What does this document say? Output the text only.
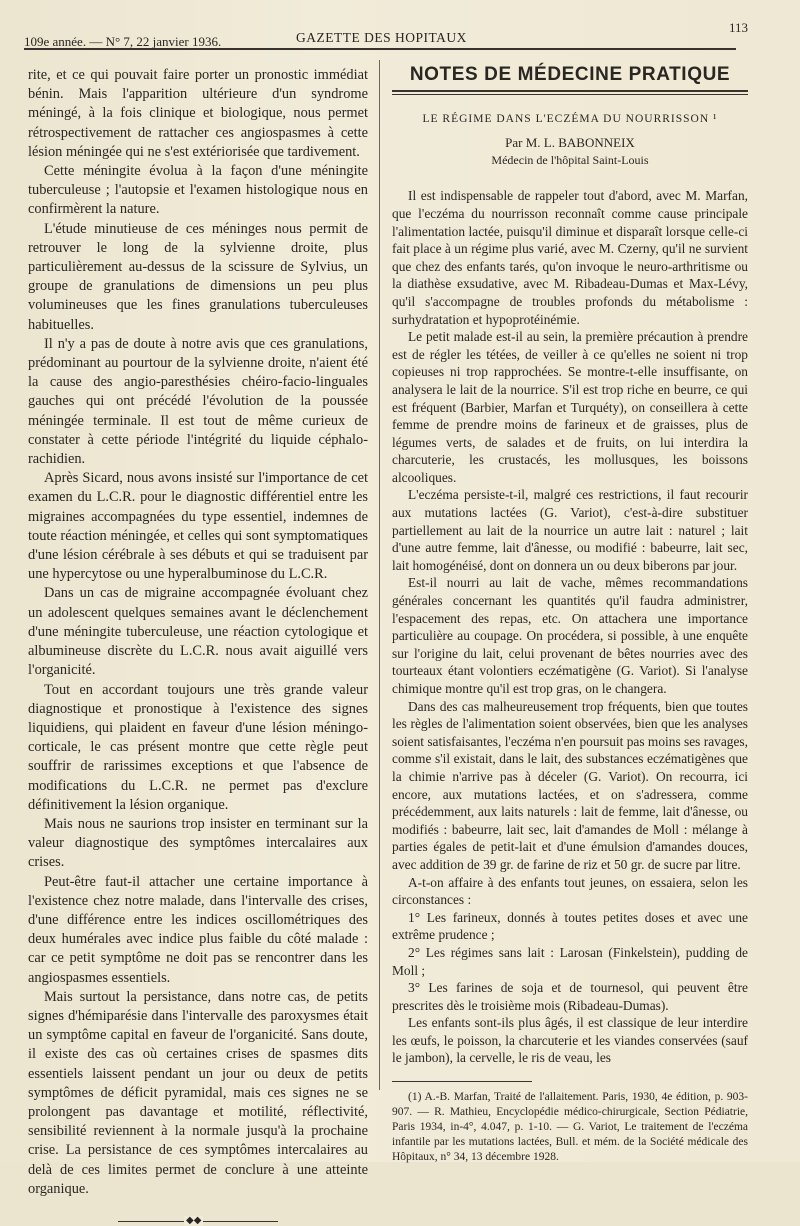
109e année. — N° 7, 22 janvier 1936.	GAZETTE DES HOPITAUX
113

rite, et ce qui pouvait faire porter un pronostic immédiat bénin. Mais l'apparition ultérieure d'un syndrome méningé, à la fois clinique et biologique, nous permet rétrospectivement de rattacher ces angiospasmes à cette lésion méningée qui ne s'est extériorisée que tardivement.

Cette méningite évolua à la façon d'une méningite tuberculeuse ; l'autopsie et l'examen histologique nous en confirmèrent la nature.

L'étude minutieuse de ces méninges nous permit de retrouver le long de la sylvienne droite, plus particulièrement au-dessus de la scissure de Sylvius, un groupe de granulations de dimensions un peu plus volumineuses que les fines granulations tuberculeuses habituelles.

Il n'y a pas de doute à notre avis que ces granulations, prédominant au pourtour de la sylvienne droite, n'aient été la cause des angio-paresthésies chéiro-facio-linguales gauches qui ont précédé l'évolution de la poussée méningée terminale. Il est tout de même curieux de constater à cette période l'intégrité du liquide céphalo-rachidien.

Après Sicard, nous avons insisté sur l'importance de cet examen du L.C.R. pour le diagnostic différentiel entre les migraines accompagnées du type essentiel, indemnes de toute réaction méningée, et celles qui sont symptomatiques d'une lésion cérébrale à ses débuts et qui se traduisent par une hypercytose ou une hyperalbuminose du L.C.R.

Dans un cas de migraine accompagnée évoluant chez un adolescent quelques semaines avant le déclenchement d'une méningite tuberculeuse, une réaction cytologique et albumineuse discrète du L.C.R. nous avait aiguillé vers l'organicité.

Tout en accordant toujours une très grande valeur diagnostique et pronostique à l'existence des signes liquidiens, qui plaident en faveur d'une lésion méningo-corticale, le cas présent montre que cette règle peut souffrir de rarissimes exceptions et que l'absence de modifications du L.C.R. ne permet pas d'exclure définitivement la lésion organique.

Mais nous ne saurions trop insister en terminant sur la valeur diagnostique des symptômes intercalaires aux crises.

Peut-être faut-il attacher une certaine importance à l'existence chez notre malade, dans l'intervalle des crises, d'une différence entre les indices oscillométriques des deux humérales avec indice plus faible du côté malade : car ce petit symptôme ne doit pas se rencontrer dans les angiospasmes essentiels.

Mais surtout la persistance, dans notre cas, de petits signes d'hémiparésie dans l'intervalle des paroxysmes était un symptôme capital en faveur de l'organicité. Sans doute, il existe des cas où certaines crises de spasmes dits essentiels laissent pendant un jour ou deux de petits symptômes de déficit pyramidal, mais ces signes ne se prolongent pas davantage et motilité, réflectivité, sensibilité reviennent à la normale jusqu'à la prochaine crise. La persistance de ces symptômes intercalaires au delà de ces limites permet de conclure à une atteinte organique.

◆◆

NOTES DE MÉDECINE PRATIQUE

LE RÉGIME DANS L'ECZÉMA DU NOURRISSON ¹

Par M. L. BABONNEIX

Médecin de l'hôpital Saint-Louis

Il est indispensable de rappeler tout d'abord, avec M. Marfan, que l'eczéma du nourrisson reconnaît comme cause principale l'alimentation lactée, puisqu'il diminue et disparaît lorsque celle-ci fait place à un régime plus varié, avec M. Czerny, qu'il ne survient que chez des enfants tarés, qu'on invoque le neuro-arthritisme ou la diathèse exsudative, avec M. Ribadeau-Dumas et Max-Lévy, qu'il s'accompagne de troubles profonds du métabolisme : surhydratation et hypoprotéinémie.

Le petit malade est-il au sein, la première précaution à prendre est de régler les tétées, de veiller à ce qu'elles ne soient ni trop copieuses ni trop rapprochées. Se montre-t-elle insuffisante, on analysera le lait de la nourrice. S'il est trop riche en beurre, ce qui est fréquent (Barbier, Marfan et Turquéty), on conseillera à cette femme de prendre moins de farineux et de graisses, plus de légumes verts, de salades et de fruits, on lui interdira la charcuterie, les crustacés, les mollusques, les boissons alcooliques.

L'eczéma persiste-t-il, malgré ces restrictions, il faut recourir aux mutations lactées (G. Variot), c'est-à-dire substituer partiellement au lait de la nourrice un autre lait : naturel ; lait d'une autre femme, lait d'ânesse, ou modifié : babeurre, lait sec, lait homogénéisé, dont on donnera un ou deux biberons par jour.

Est-il nourri au lait de vache, mêmes recommandations générales concernant les quantités qu'il faudra administrer, l'espacement des repas, etc. On attachera une importance particulière au coupage. On procédera, si possible, à une enquête sur l'origine du lait, celui provenant de bêtes nourries avec des tourteaux étant volontiers eczématigène (G. Variot). Si l'analyse chimique montre qu'il est trop gras, on le changera.

Dans des cas malheureusement trop fréquents, bien que toutes les règles de l'alimentation soient observées, bien que les analyses soient satisfaisantes, l'eczéma n'en poursuit pas moins ses ravages, comme s'il existait, dans le lait, des substances eczématigènes que la chimie n'arrive pas à déceler (G. Variot). On recourra, ici encore, aux mutations lactées, et on s'adressera, comme précédemment, aux laits naturels : lait de femme, lait d'ânesse, ou modifiés : babeurre, lait sec, lait d'amandes de Moll : mélange à parties égales de petit-lait et d'une émulsion d'amandes douces, avec addition de 39 gr. de farine de riz et 50 gr. de sucre par litre.

A-t-on affaire à des enfants tout jeunes, on essaiera, selon les circonstances :

1° Les farineux, donnés à toutes petites doses et avec une extrême prudence ;

2° Les régimes sans lait : Larosan (Finkelstein), pudding de Moll ;

3° Les farines de soja et de tournesol, qui peuvent être prescrites dès le troisième mois (Ribadeau-Dumas).

Les enfants sont-ils plus âgés, il est classique de leur interdire les œufs, le poisson, la charcuterie et les viandes conservées (sauf le jambon), la cervelle, le ris de veau, les

(1) A.-B. Marfan, Traité de l'allaitement. Paris, 1930, 4e édition, p. 903-907. — R. Mathieu, Encyclopédie médico-chirurgicale, Section Pédiatrie, Paris 1934, in-4°, 4.047, p. 1-10. — G. Variot, Le traitement de l'eczéma infantile par les mutations lactées, Bull. et mém. de la Société médicale des Hôpitaux, n° 34, 13 décembre 1928.
